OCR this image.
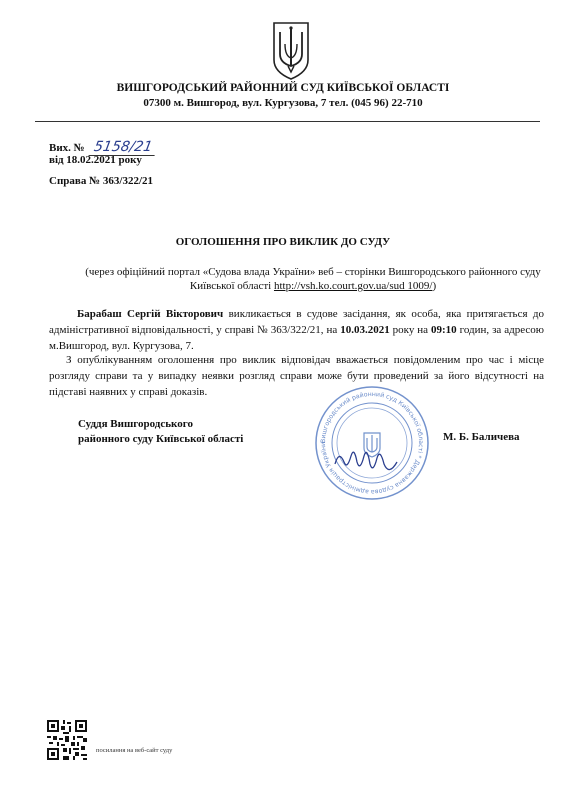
ВИШГОРОДСЬКИЙ РАЙОННИЙ СУД КИЇВСЬКОЇ ОБЛАСТІ
07300 м. Вишгород, вул. Кургузова, 7 тел. (045 96) 22-710
Вих. № 5158/21
від 18.02.2021 року
Справа № 363/322/21
ОГОЛОШЕННЯ ПРО ВИКЛИК ДО СУДУ
(через офіційний портал «Судова влада України» веб – сторінки Вишгородського районного суду Київської області http://vsh.ko.court.gov.ua/sud 1009/)
Барабаш Сергій Вікторович викликається в судове засідання, як особа, яка притягається до адміністративної відповідальності, у справі № 363/322/21, на 10.03.2021 року на 09:10 годин, за адресою м.Вишгород, вул. Кургузова, 7.
З опублікуванням оголошення про виклик відповідач вважається повідомленим про час і місце розгляду справи та у випадку неявки розгляд справи може бути проведений за його відсутності на підставі наявних у справі доказів.
Суддя Вишгородського
районного суду Київської області	Вишгородський районний суд Київської області * Державна судова адміністрація України
М. Б. Баличева
посилання на веб-сайт суду
